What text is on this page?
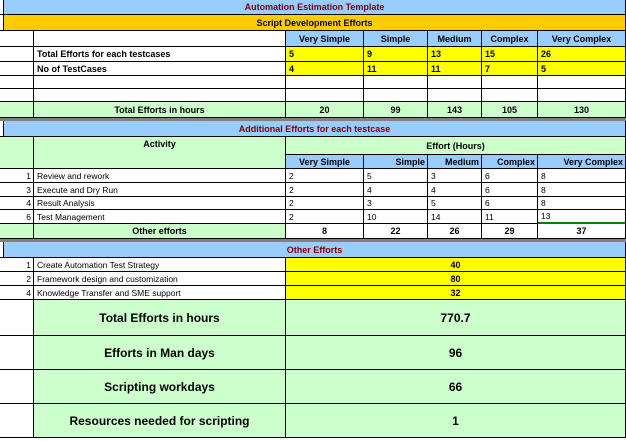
Automation Estimation Template
Script Development Efforts
Very Simple	Simple	Medium	Complex	Very Complex
Total Efforts for each testcases	5	9	13	15	26
No of TestCases	4	11	11	7	5
Total Efforts in hours	20	99	143	105	130
Additional Efforts for each testcase
Activity	Effort (Hours)
Very Simple	Simple	Medium	Complex	Very Complex
1 Review and rework	2	5	3	6	8
3 Execute and Dry Run	2	4	4	6	8
4 Result Analysis	2	3	5	6	8
6 Test Management	2	10	14	11	13
Other efforts	8	22	26	29	37
Other Efforts
1 Create Automation Test Strategy	40
2 Framework design and customization	80
4 Knowledge Transfer and SME support	32
Total Efforts in hours	770.7
Efforts in Man days	96
Scripting workdays	66
Resources needed for scripting	1
